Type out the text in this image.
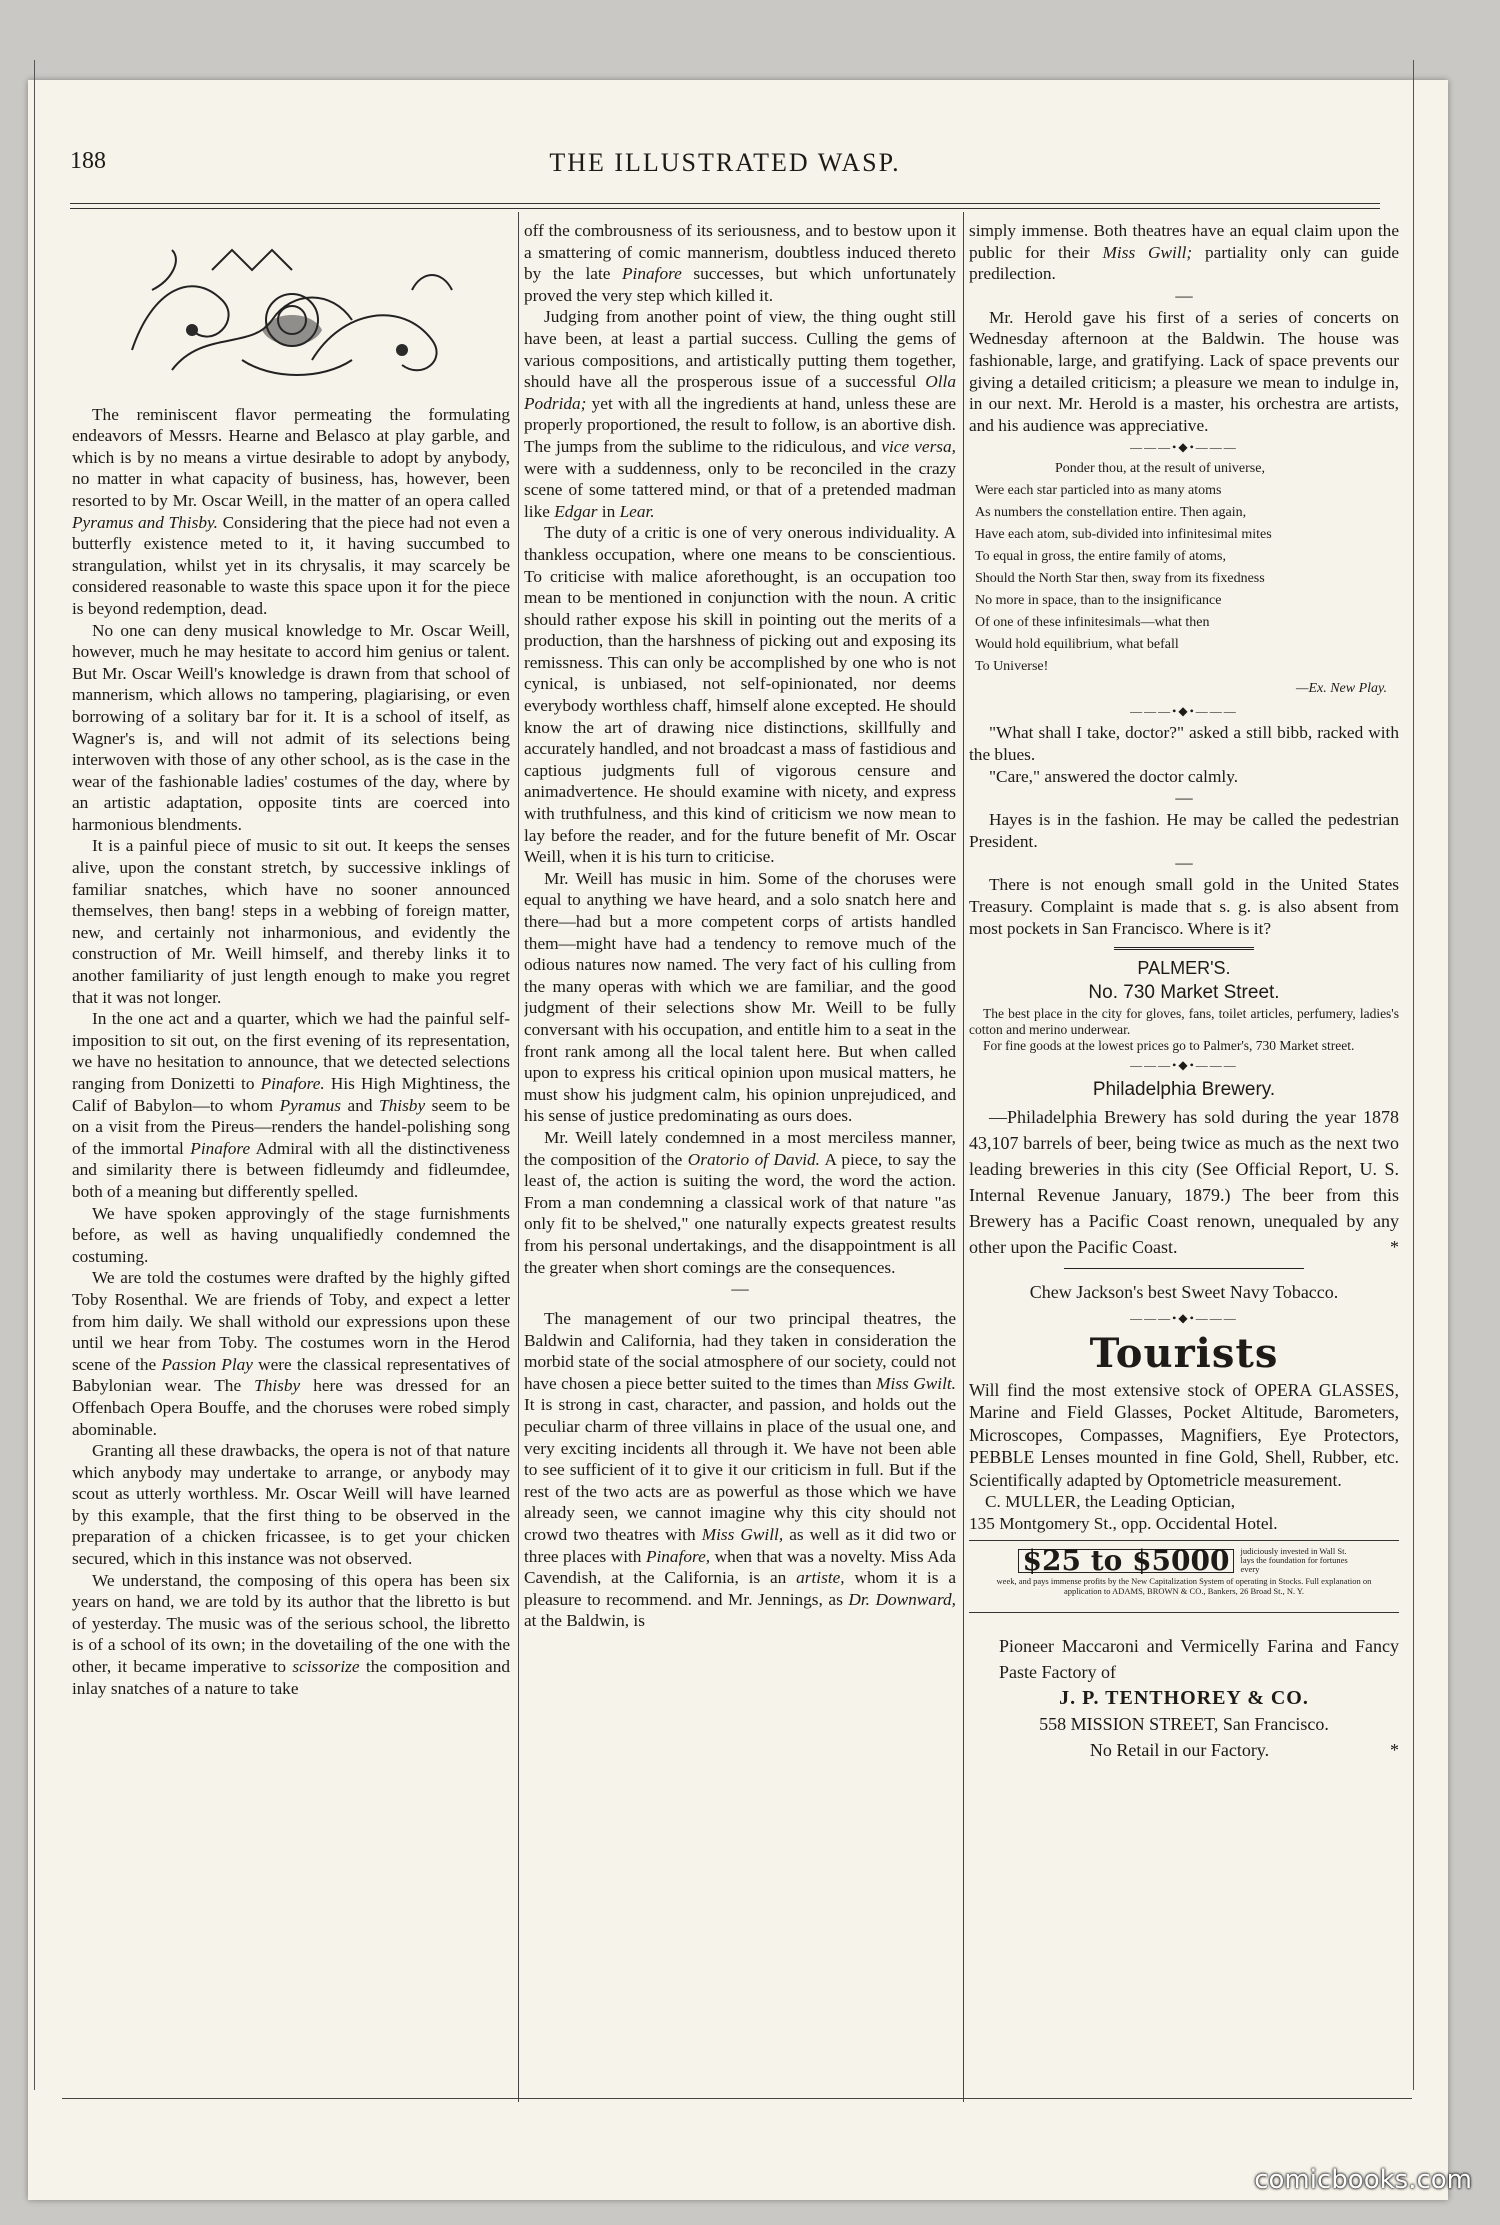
188	THE ILLUSTRATED WASP.

The reminiscent flavor permeating the formulating endeavors of Messrs. Hearne and Belasco at play garble, and which is by no means a virtue desirable to adopt by anybody, no matter in what capacity of business, has, however, been resorted to by Mr. Oscar Weill, in the matter of an opera called Pyramus and Thisby. Considering that the piece had not even a butterfly existence meted to it, it having succumbed to strangulation, whilst yet in its chrysalis, it may scarcely be considered reasonable to waste this space upon it for the piece is beyond redemption, dead.

No one can deny musical knowledge to Mr. Oscar Weill, however, much he may hesitate to accord him genius or talent. But Mr. Oscar Weill's knowledge is drawn from that school of mannerism, which allows no tampering, plagiarising, or even borrowing of a solitary bar for it. It is a school of itself, as Wagner's is, and will not admit of its selections being interwoven with those of any other school, as is the case in the wear of the fashionable ladies' costumes of the day, where by an artistic adaptation, opposite tints are coerced into harmonious blendments.

It is a painful piece of music to sit out. It keeps the senses alive, upon the constant stretch, by successive inklings of familiar snatches, which have no sooner announced themselves, then bang! steps in a webbing of foreign matter, new, and certainly not inharmonious, and evidently the construction of Mr. Weill himself, and thereby links it to another familiarity of just length enough to make you regret that it was not longer.

In the one act and a quarter, which we had the painful self-imposition to sit out, on the first evening of its representation, we have no hesitation to announce, that we detected selections ranging from Donizetti to Pinafore. His High Mightiness, the Calif of Babylon—to whom Pyramus and Thisby seem to be on a visit from the Pireus—renders the handel-polishing song of the immortal Pinafore Admiral with all the distinctiveness and similarity there is between fidleumdy and fidleumdee, both of a meaning but differently spelled.

We have spoken approvingly of the stage furnishments before, as well as having unqualifiedly condemned the costuming.

We are told the costumes were drafted by the highly gifted Toby Rosenthal. We are friends of Toby, and expect a letter from him daily. We shall withold our expressions upon these until we hear from Toby. The costumes worn in the Herod scene of the Passion Play were the classical representatives of Babylonian wear. The Thisby here was dressed for an Offenbach Opera Bouffe, and the choruses were robed simply abominable.

Granting all these drawbacks, the opera is not of that nature which anybody may undertake to arrange, or anybody may scout as utterly worthless. Mr. Oscar Weill will have learned by this example, that the first thing to be observed in the preparation of a chicken fricassee, is to get your chicken secured, which in this instance was not observed.

We understand, the composing of this opera has been six years on hand, we are told by its author that the libretto is but of yesterday. The music was of the serious school, the libretto is of a school of its own; in the dovetailing of the one with the other, it became imperative to scissorize the composition and inlay snatches of a nature to take

off the combrousness of its seriousness, and to bestow upon it a smattering of comic mannerism, doubtless induced thereto by the late Pinafore successes, but which unfortunately proved the very step which killed it.

Judging from another point of view, the thing ought still have been, at least a partial success. Culling the gems of various compositions, and artistically putting them together, should have all the prosperous issue of a successful Olla Podrida; yet with all the ingredients at hand, unless these are properly proportioned, the result to follow, is an abortive dish. The jumps from the sublime to the ridiculous, and vice versa, were with a suddenness, only to be reconciled in the crazy scene of some tattered mind, or that of a pretended madman like Edgar in Lear.

The duty of a critic is one of very onerous individuality. A thankless occupation, where one means to be conscientious. To criticise with malice aforethought, is an occupation too mean to be mentioned in conjunction with the noun. A critic should rather expose his skill in pointing out the merits of a production, than the harshness of picking out and exposing its remissness. This can only be accomplished by one who is not cynical, is unbiased, not self-opinionated, nor deems everybody worthless chaff, himself alone excepted. He should know the art of drawing nice distinctions, skillfully and accurately handled, and not broadcast a mass of fastidious and captious judgments full of vigorous censure and animadvertence. He should examine with nicety, and express with truthfulness, and this kind of criticism we now mean to lay before the reader, and for the future benefit of Mr. Oscar Weill, when it is his turn to criticise.

Mr. Weill has music in him. Some of the choruses were equal to anything we have heard, and a solo snatch here and there—had but a more competent corps of artists handled them—might have had a tendency to remove much of the odious natures now named. The very fact of his culling from the many operas with which we are familiar, and the good judgment of their selections show Mr. Weill to be fully conversant with his occupation, and entitle him to a seat in the front rank among all the local talent here. But when called upon to express his critical opinion upon musical matters, he must show his judgment calm, his opinion unprejudiced, and his sense of justice predominating as ours does.

Mr. Weill lately condemned in a most merciless manner, the composition of the Oratorio of David. A piece, to say the least of, the action is suiting the word, the word the action. From a man condemning a classical work of that nature "as only fit to be shelved," one naturally expects greatest results from his personal undertakings, and the disappointment is all the greater when short comings are the consequences.

—

The management of our two principal theatres, the Baldwin and California, had they taken in consideration the morbid state of the social atmosphere of our society, could not have chosen a piece better suited to the times than Miss Gwilt. It is strong in cast, character, and passion, and holds out the peculiar charm of three villains in place of the usual one, and very exciting incidents all through it. We have not been able to see sufficient of it to give it our criticism in full. But if the rest of the two acts are as powerful as those which we have already seen, we cannot imagine why this city should not crowd two theatres with Miss Gwill, as well as it did two or three places with Pinafore, when that was a novelty. Miss Ada Cavendish, at the California, is an artiste, whom it is a pleasure to recommend. and Mr. Jennings, as Dr. Downward, at the Baldwin, is

simply immense. Both theatres have an equal claim upon the public for their Miss Gwill; partiality only can guide predilection.

—

Mr. Herold gave his first of a series of concerts on Wednesday afternoon at the Baldwin. The house was fashionable, large, and gratifying. Lack of space prevents our giving a detailed criticism; a pleasure we mean to indulge in, in our next. Mr. Herold is a master, his orchestra are artists, and his audience was appreciative.

———•◆•———
Ponder thou, at the result of universe,
Were each star particled into as many atoms
As numbers the constellation entire. Then again,
Have each atom, sub-divided into infinitesimal mites
To equal in gross, the entire family of atoms,
Should the North Star then, sway from its fixedness
No more in space, than to the insignificance
Of one of these infinitesimals—what then
Would hold equilibrium, what befall
To Universe!
—Ex. New Play.
———•◆•———

"What shall I take, doctor?" asked a still bibb, racked with the blues.

"Care," answered the doctor calmly.

—

Hayes is in the fashion. He may be called the pedestrian President.

—

There is not enough small gold in the United States Treasury. Complaint is made that s. g. is also absent from most pockets in San Francisco. Where is it?

PALMER'S.
No. 730 Market Street.

The best place in the city for gloves, fans, toilet articles, perfumery, ladies's cotton and merino underwear.

For fine goods at the lowest prices go to Palmer's, 730 Market street.

———•◆•———
Philadelphia Brewery.

—Philadelphia Brewery has sold during the year 1878 43,107 barrels of beer, being twice as much as the next two leading breweries in this city (See Official Report, U. S. Internal Revenue January, 1879.) The beer from this Brewery has a Pacific Coast renown, unequaled by any other upon the Pacific Coast.	*

Chew Jackson's best Sweet Navy Tobacco.
———•◆•———
Tourists

Will find the most extensive stock of OPERA GLASSES, Marine and Field Glasses, Pocket Altitude, Barometers, Microscopes, Compasses, Magnifiers, Eye Protectors, PEBBLE Lenses mounted in fine Gold, Shell, Rubber, etc. Scientifically adapted by Optometricle measurement.

C. MULLER, the Leading Optician,
135 Montgomery St., opp. Occidental Hotel.
$25 to $5000	judiciously invested in Wall St. lays the foundation for fortunes every
week, and pays immense profits by the New Capitalization System of operating in Stocks. Full explanation on application to ADAMS, BROWN & CO., Bankers, 26 Broad St., N. Y.
Pioneer Maccaroni and Vermicelly Farina and Fancy Paste Factory of
J. P. TENTHOREY & CO.
558 MISSION STREET, San Francisco.
No Retail in our Factory.	*
comicbooks.com
